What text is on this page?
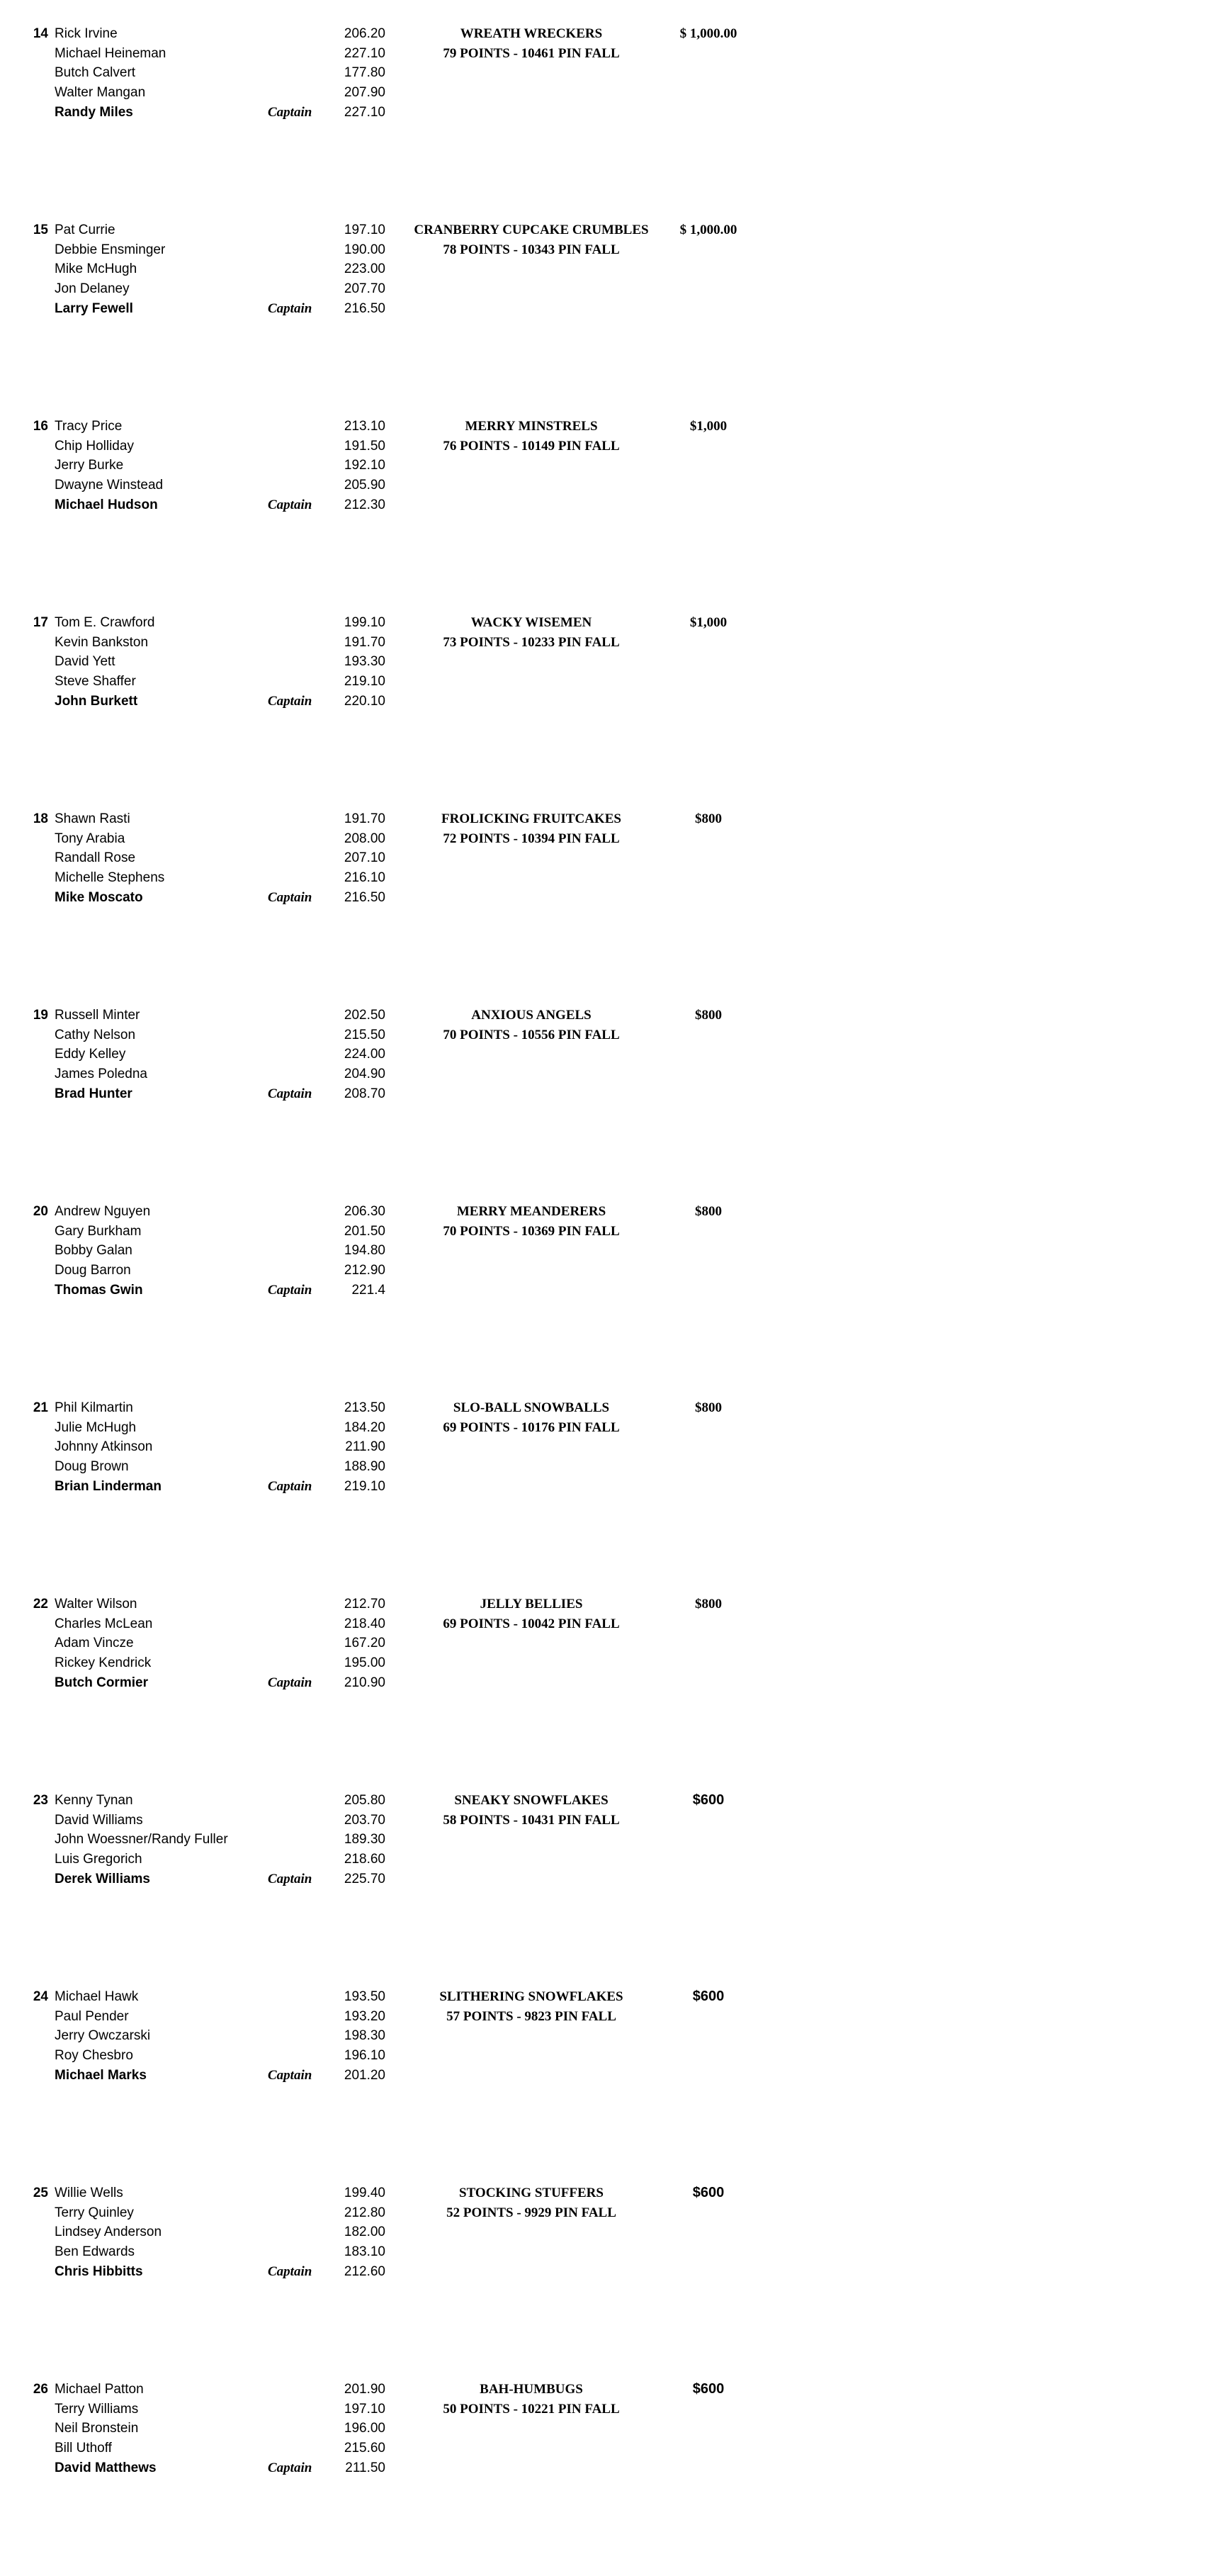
14 Rick Irvine	206.20	WREATH WRECKERS	$ 1,000.00
Michael Heineman	227.10	79 POINTS - 10461 PIN FALL
Butch Calvert	177.80
Walter Mangan	207.90
Randy Miles	Captain	227.10
15 Pat Currie	197.10	CRANBERRY CUPCAKE CRUMBLES	$ 1,000.00
Debbie Ensminger	190.00	78 POINTS - 10343 PIN FALL
Mike McHugh	223.00
Jon Delaney	207.70
Larry Fewell	Captain	216.50
16 Tracy Price	213.10	MERRY MINSTRELS	$1,000
Chip Holliday	191.50	76 POINTS - 10149 PIN FALL
Jerry Burke	192.10
Dwayne Winstead	205.90
Michael Hudson	Captain	212.30
17 Tom E. Crawford	199.10	WACKY WISEMEN	$1,000
Kevin Bankston	191.70	73 POINTS - 10233 PIN FALL
David Yett	193.30
Steve Shaffer	219.10
John Burkett	Captain	220.10
18 Shawn Rasti	191.70	FROLICKING FRUITCAKES	$800
Tony Arabia	208.00	72 POINTS - 10394 PIN FALL
Randall Rose	207.10
Michelle Stephens	216.10
Mike Moscato	Captain	216.50
19 Russell Minter	202.50	ANXIOUS ANGELS	$800
Cathy Nelson	215.50	70 POINTS - 10556 PIN FALL
Eddy Kelley	224.00
James Poledna	204.90
Brad Hunter	Captain	208.70
20 Andrew Nguyen	206.30	MERRY MEANDERERS	$800
Gary Burkham	201.50	70 POINTS - 10369 PIN FALL
Bobby Galan	194.80
Doug Barron	212.90
Thomas Gwin	Captain	221.4
21 Phil Kilmartin	213.50	SLO-BALL SNOWBALLS	$800
Julie McHugh	184.20	69 POINTS - 10176 PIN FALL
Johnny Atkinson	211.90
Doug Brown	188.90
Brian Linderman	Captain	219.10
22 Walter Wilson	212.70	JELLY BELLIES	$800
Charles McLean	218.40	69 POINTS - 10042 PIN FALL
Adam Vincze	167.20
Rickey Kendrick	195.00
Butch Cormier	Captain	210.90
23 Kenny Tynan	205.80	SNEAKY SNOWFLAKES	$600
David Williams	203.70	58 POINTS - 10431 PIN FALL
John Woessner/Randy Fuller	189.30
Luis Gregorich	218.60
Derek Williams	Captain	225.70
24 Michael Hawk	193.50	SLITHERING SNOWFLAKES	$600
Paul Pender	193.20	57 POINTS - 9823 PIN FALL
Jerry Owczarski	198.30
Roy Chesbro	196.10
Michael Marks	Captain	201.20
25 Willie Wells	199.40	STOCKING STUFFERS	$600
Terry Quinley	212.80	52 POINTS - 9929 PIN FALL
Lindsey Anderson	182.00
Ben Edwards	183.10
Chris Hibbitts	Captain	212.60
26 Michael Patton	201.90	BAH-HUMBUGS	$600
Terry Williams	197.10	50 POINTS - 10221 PIN FALL
Neil Bronstein	196.00
Bill Uthoff	215.60
David Matthews	Captain	211.50
